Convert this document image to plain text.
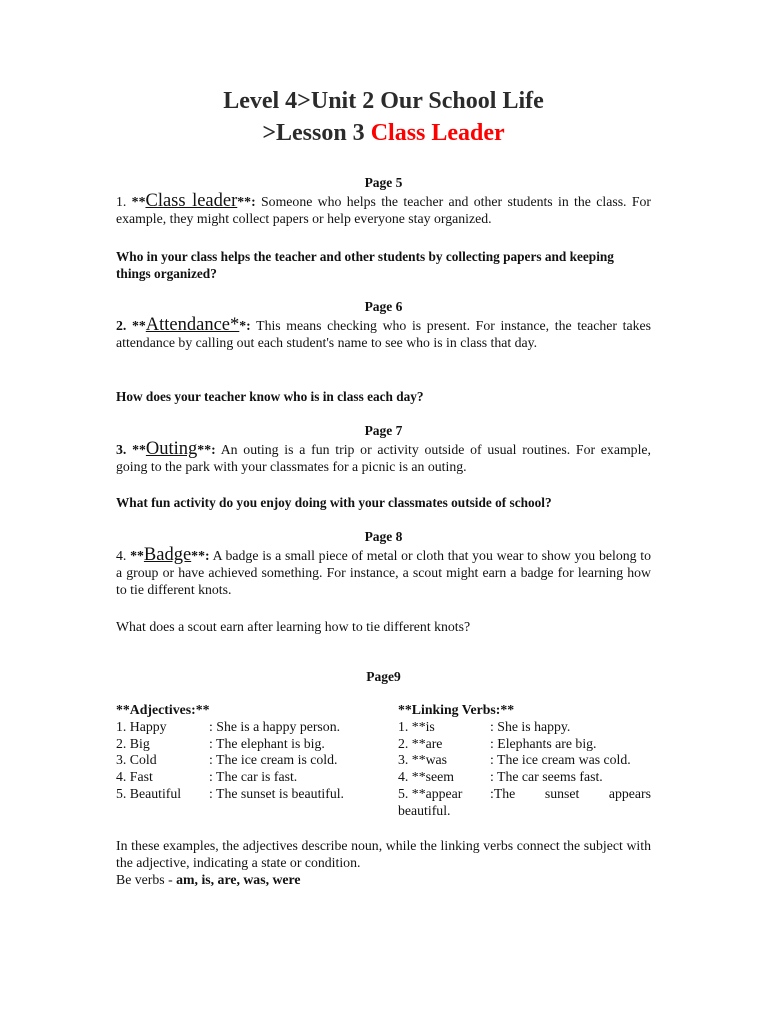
Level 4>Unit 2 Our School Life
>Lesson 3 Class Leader
Page 5
1. **Class leader**: Someone who helps the teacher and other students in the class. For example, they might collect papers or help everyone stay organized.
Who in your class helps the teacher and other students by collecting papers and keeping things organized?
Page 6
2. **Attendance**: This means checking who is present. For instance, the teacher takes attendance by calling out each student's name to see who is in class that day.
How does your teacher know who is in class each day?
Page 7
3. **Outing**: An outing is a fun trip or activity outside of usual routines. For example, going to the park with your classmates for a picnic is an outing.
What fun activity do you enjoy doing with your classmates outside of school?
Page 8
4. **Badge**: A badge is a small piece of metal or cloth that you wear to show you belong to a group or have achieved something. For instance, a scout might earn a badge for learning how to tie different knots.
What does a scout earn after learning how to tie different knots?
Page9
**Adjectives:**
1. Happy	: She is a happy person.
2. Big	: The elephant is big.
3. Cold	: The ice cream is cold.
4. Fast	: The car is fast.
5. Beautiful	: The sunset is beautiful.
**Linking Verbs:**
1. **is	: She is happy.
2. **are	: Elephants are big.
3. **was	: The ice cream was cold.
4. **seem	: The car seems fast.
5. **appear	:The sunset appears
beautiful.
In these examples, the adjectives describe noun, while the linking verbs connect the subject with the adjective, indicating a state or condition.
Be verbs - am, is, are, was, were
